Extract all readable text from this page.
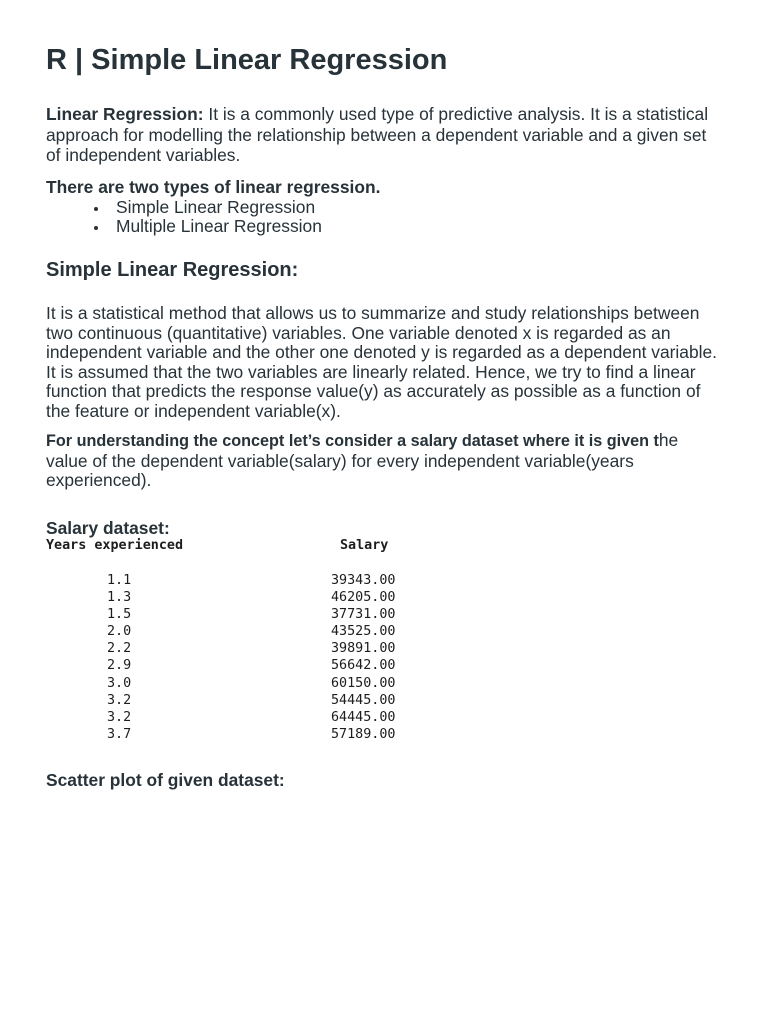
R | Simple Linear Regression
Linear Regression: It is a commonly used type of predictive analysis. It is a statistical approach for modelling the relationship between a dependent variable and a given set of independent variables.
There are two types of linear regression.
Simple Linear Regression
Multiple Linear Regression
Simple Linear Regression:
It is a statistical method that allows us to summarize and study relationships between two continuous (quantitative) variables. One variable denoted x is regarded as an independent variable and the other one denoted y is regarded as a dependent variable. It is assumed that the two variables are linearly related. Hence, we try to find a linear function that predicts the response value(y) as accurately as possible as a function of the feature or independent variable(x).
For understanding the concept let’s consider a salary dataset where it is given the value of the dependent variable(salary) for every independent variable(years experienced).
Salary dataset:
Years experienced	Salary
1.1	39343.00
1.3	46205.00
1.5	37731.00
2.0	43525.00
2.2	39891.00
2.9	56642.00
3.0	60150.00
3.2	54445.00
3.2	64445.00
3.7	57189.00
Scatter plot of given dataset:
